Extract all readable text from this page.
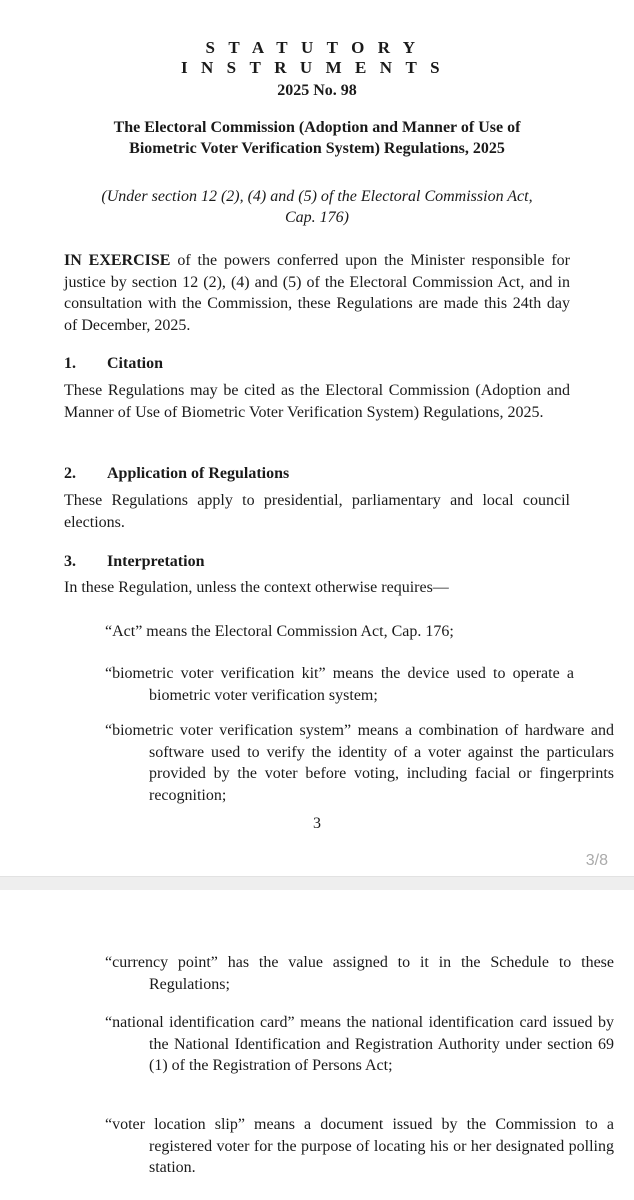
STATUTORY INSTRUMENTS
2025 No. 98
The Electoral Commission (Adoption and Manner of Use of
Biometric Voter Verification System) Regulations, 2025
(Under section 12 (2), (4) and (5) of the Electoral Commission Act,
Cap. 176)
IN EXERCISE of the powers conferred upon the Minister responsible for justice by section 12 (2), (4) and (5) of the Electoral Commission Act, and in consultation with the Commission, these Regulations are made this 24th day of December, 2025.
1. Citation
These Regulations may be cited as the Electoral Commission (Adoption and Manner of Use of Biometric Voter Verification System) Regulations, 2025.
2. Application of Regulations
These Regulations apply to presidential, parliamentary and local council elections.
3. Interpretation
In these Regulation, unless the context otherwise requires—
“Act” means the Electoral Commission Act, Cap. 176;
“biometric voter verification kit” means the device used to operate a biometric voter verification system;
“biometric voter verification system” means a combination of hardware and software used to verify the identity of a voter against the particulars provided by the voter before voting, including facial or fingerprints recognition;
3
3/8
“currency point” has the value assigned to it in the Schedule to these Regulations;
“national identification card” means the national identification card issued by the National Identification and Registration Authority under section 69 (1) of the Registration of Persons Act;
“voter location slip” means a document issued by the Commission to a registered voter for the purpose of locating his or her designated polling station.
